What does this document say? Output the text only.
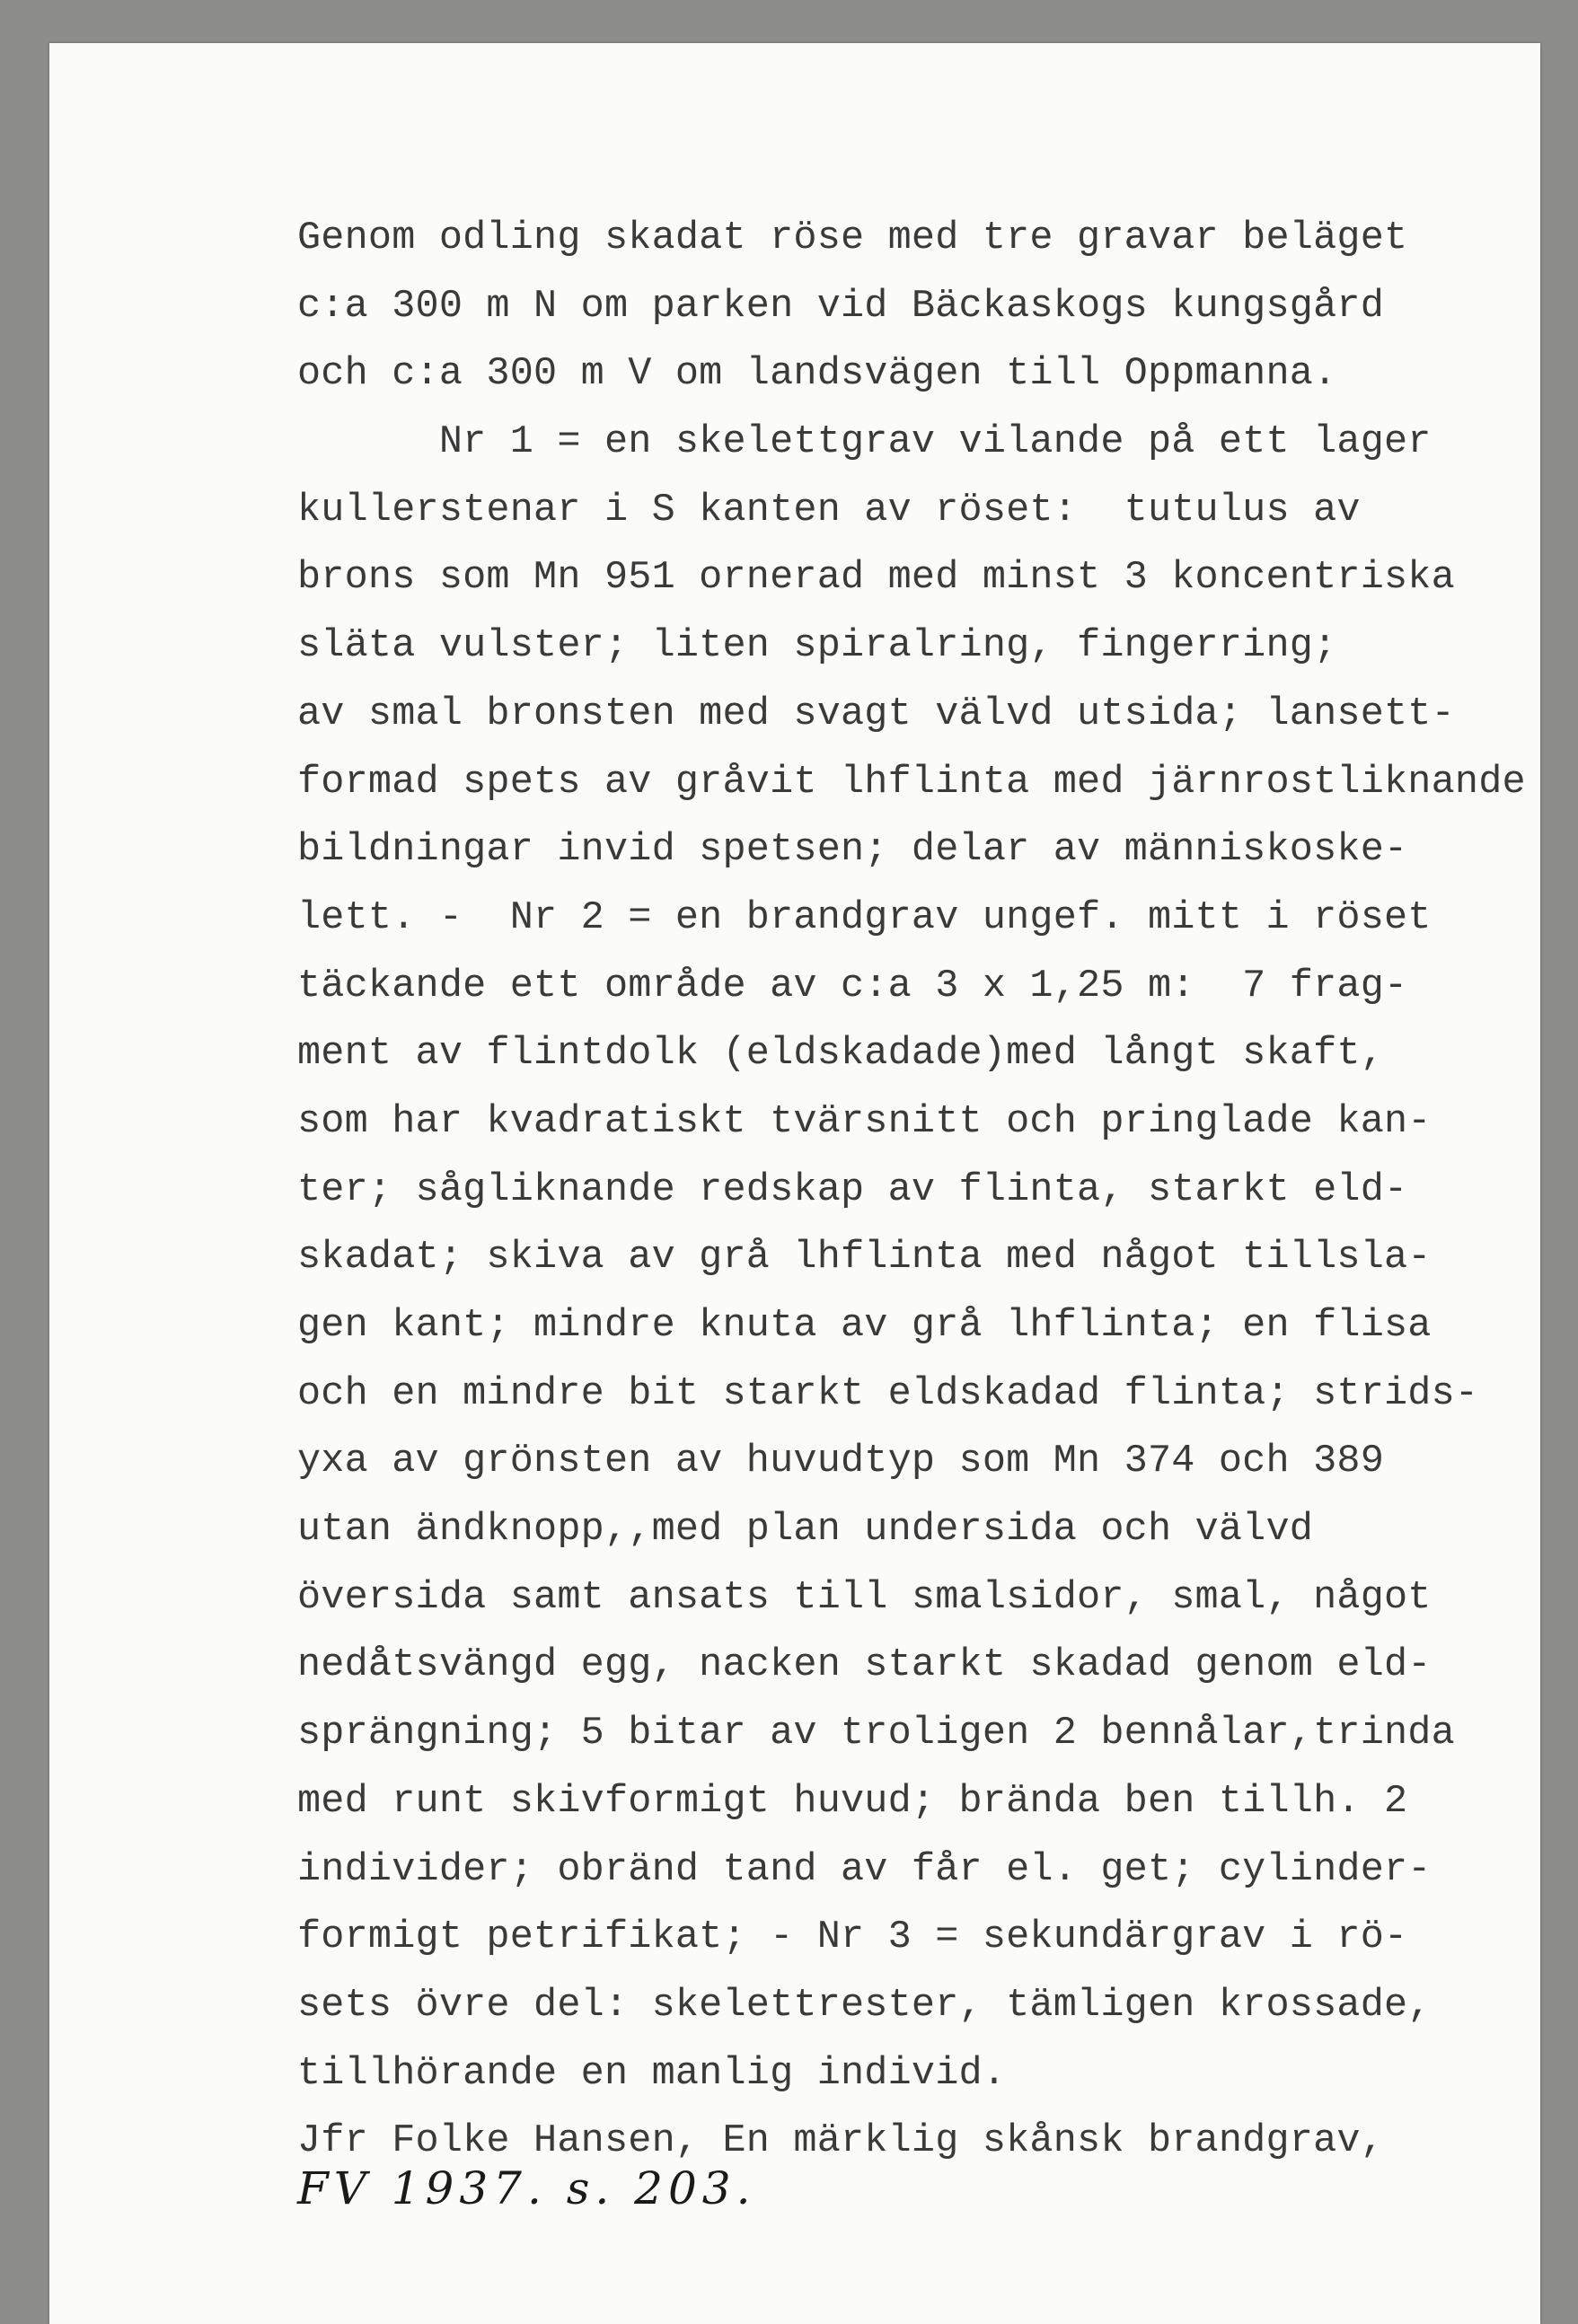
Genom odling skadat röse med tre gravar beläget
c:a 300 m N om parken vid Bäckaskogs kungsgård
och c:a 300 m V om landsvägen till Oppmanna.
Nr 1 = en skelettgrav vilande på ett lager
kullerstenar i S kanten av röset:  tutulus av
brons som Mn 951 ornerad med minst 3 koncentriska
släta vulster; liten spiralring, fingerring;
av smal bronsten med svagt välvd utsida; lansett-
formad spets av gråvit lhflinta med järnrostliknande
bildningar invid spetsen; delar av människoske-
lett. -  Nr 2 = en brandgrav ungef. mitt i röset
täckande ett område av c:a 3 x 1,25 m:  7 frag-
ment av flintdolk (eldskadade)med långt skaft,
som har kvadratiskt tvärsnitt och pringlade kan-
ter; sågliknande redskap av flinta, starkt eld-
skadat; skiva av grå lhflinta med något tillsla-
gen kant; mindre knuta av grå lhflinta; en flisa
och en mindre bit starkt eldskadad flinta; strids-
yxa av grönsten av huvudtyp som Mn 374 och 389
utan ändknopp,,med plan undersida och välvd
översida samt ansats till smalsidor, smal, något
nedåtsvängd egg, nacken starkt skadad genom eld-
sprängning; 5 bitar av troligen 2 bennålar,trinda
med runt skivformigt huvud; brända ben tillh. 2
individer; obränd tand av får el. get; cylinder-
formigt petrifikat; - Nr 3 = sekundärgrav i rö-
sets övre del: skelettrester, tämligen krossade,
tillhörande en manlig individ.
Jfr Folke Hansen, En märklig skånsk brandgrav,
FV 1937. s. 203.
